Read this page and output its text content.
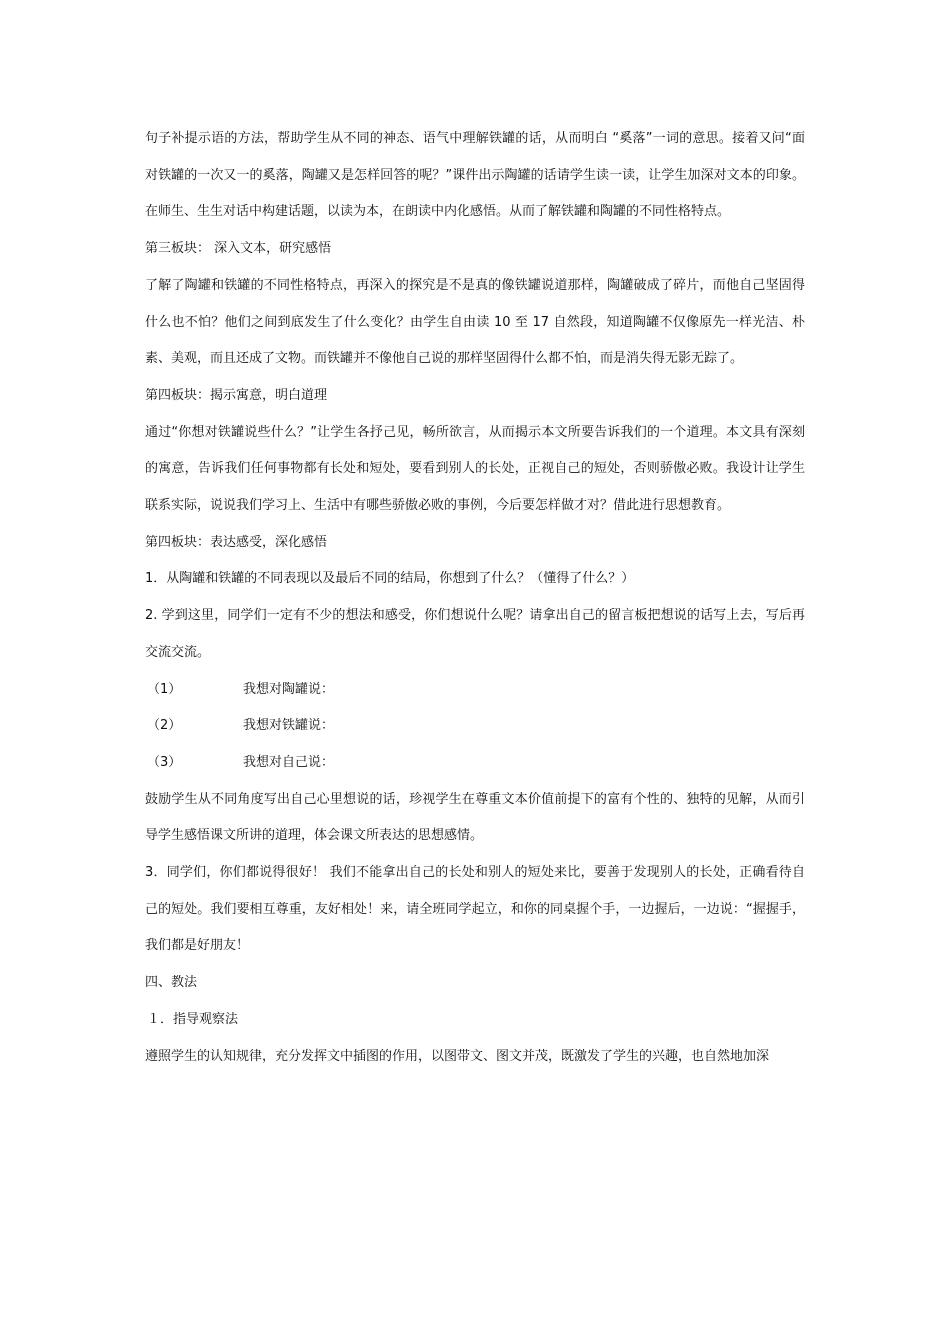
句子补提示语的方法，帮助学生从不同的神态、语气中理解铁罐的话，从而明白 “奚落”一词的意思。接着又问“面对铁罐的一次又一的奚落，陶罐又是怎样回答的呢？”课件出示陶罐的话请学生读一读，让学生加深对文本的印象。在师生、生生对话中构建话题，以读为本，在朗读中内化感悟。从而了解铁罐和陶罐的不同性格特点。

第三板块： 深入文本，研究感悟

了解了陶罐和铁罐的不同性格特点，再深入的探究是不是真的像铁罐说道那样，陶罐破成了碎片，而他自己坚固得什么也不怕？他们之间到底发生了什么变化？由学生自由读 10 至 17 自然段，知道陶罐不仅像原先一样光洁、朴素、美观，而且还成了文物。而铁罐并不像他自己说的那样坚固得什么都不怕，而是消失得无影无踪了。

第四板块：揭示寓意，明白道理

通过“你想对铁罐说些什么？”让学生各抒己见，畅所欲言，从而揭示本文所要告诉我们的一个道理。本文具有深刻的寓意，告诉我们任何事物都有长处和短处，要看到别人的长处，正视自己的短处，否则骄傲必败。我设计让学生联系实际，说说我们学习上、生活中有哪些骄傲必败的事例，今后要怎样做才对？借此进行思想教育。

第四板块：表达感受，深化感悟

1．从陶罐和铁罐的不同表现以及最后不同的结局，你想到了什么？（懂得了什么？）

2. 学到这里，同学们一定有不少的想法和感受，你们想说什么呢？请拿出自己的留言板把想说的话写上去，写后再交流交流。

（1）	我想对陶罐说：

（2）	我想对铁罐说：

（3）	我想对自己说：

鼓励学生从不同角度写出自己心里想说的话，珍视学生在尊重文本价值前提下的富有个性的、独特的见解，从而引导学生感悟课文所讲的道理，体会课文所表达的思想感情。

3．同学们，你们都说得很好！ 我们不能拿出自己的长处和别人的短处来比，要善于发现别人的长处，正确看待自己的短处。我们要相互尊重，友好相处！来，请全班同学起立，和你的同桌握个手，一边握后，一边说：“握握手，我们都是好朋友！

四、教法

１．指导观察法

遵照学生的认知规律，充分发挥文中插图的作用，以图带文、图文并茂，既激发了学生的兴趣，也自然地加深
